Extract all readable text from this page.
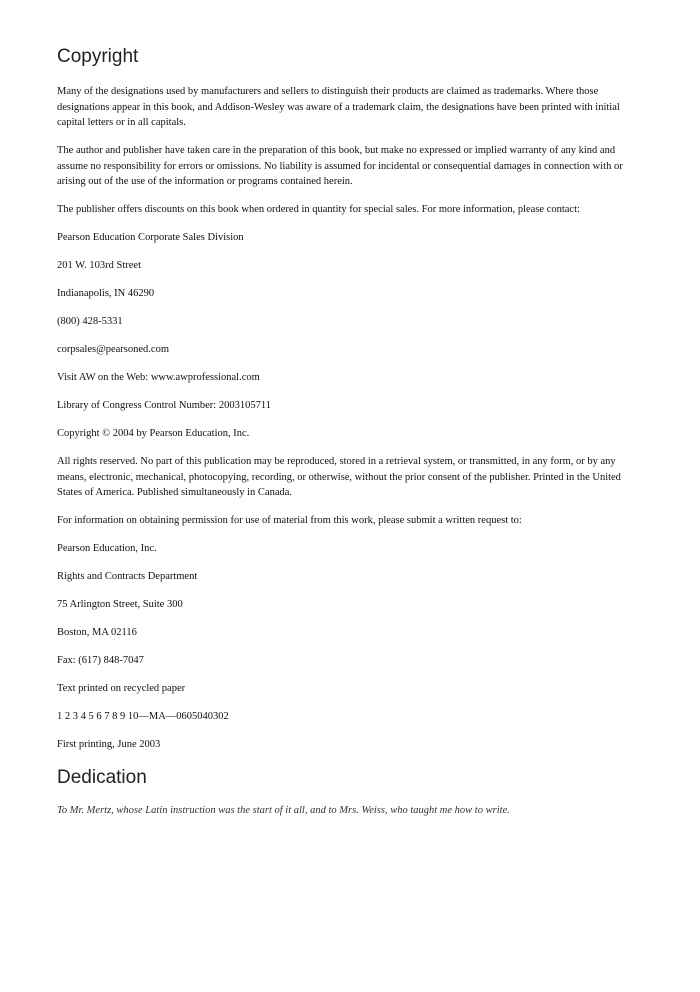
Copyright

Many of the designations used by manufacturers and sellers to distinguish their products are claimed as trademarks. Where those designations appear in this book, and Addison-Wesley was aware of a trademark claim, the designations have been printed with initial capital letters or in all capitals.

The author and publisher have taken care in the preparation of this book, but make no expressed or implied warranty of any kind and assume no responsibility for errors or omissions. No liability is assumed for incidental or consequential damages in connection with or arising out of the use of the information or programs contained herein.

The publisher offers discounts on this book when ordered in quantity for special sales. For more information, please contact:

Pearson Education Corporate Sales Division

201 W. 103rd Street

Indianapolis, IN 46290

(800) 428-5331

corpsales@pearsoned.com

Visit AW on the Web: www.awprofessional.com

Library of Congress Control Number: 2003105711

Copyright © 2004 by Pearson Education, Inc.

All rights reserved. No part of this publication may be reproduced, stored in a retrieval system, or transmitted, in any form, or by any means, electronic, mechanical, photocopying, recording, or otherwise, without the prior consent of the publisher. Printed in the United States of America. Published simultaneously in Canada.

For information on obtaining permission for use of material from this work, please submit a written request to:

Pearson Education, Inc.

Rights and Contracts Department

75 Arlington Street, Suite 300

Boston, MA 02116

Fax: (617) 848-7047

Text printed on recycled paper

1 2 3 4 5 6 7 8 9 10—MA—0605040302

First printing, June 2003

Dedication

To Mr. Mertz, whose Latin instruction was the start of it all, and to Mrs. Weiss, who taught me how to write.
